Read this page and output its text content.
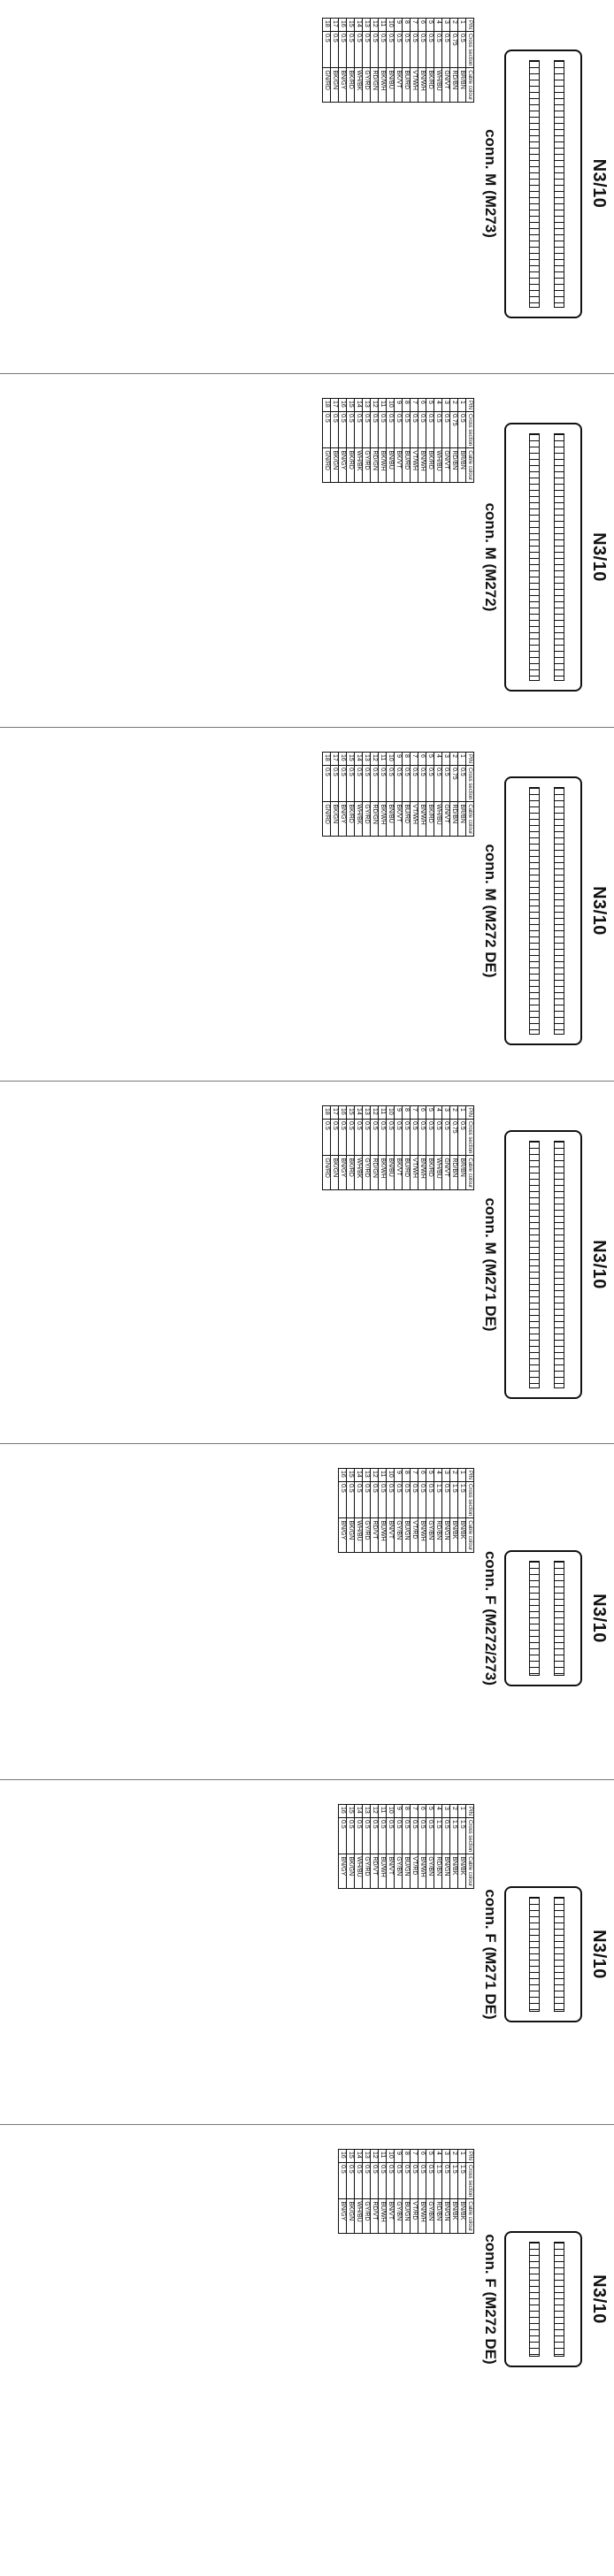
N3/10
conn. M (M273)
PIN	Cross section	Cable colour
1	0.5	BR/BN
2	0.75	RD/BN
3	0.5	GN/VT
4	0.5	WH/BU
5	0.5	BK/RD
6	0.5	BN/WH
7	0.5	VT/WH
8	0.5	BU/RD
9	0.5	BK/VT
10	0.5	BN/BU
11	0.5	BK/WH
12	0.5	RD/GN
13	0.5	GY/RD
14	0.5	WH/BK
15	0.5	BK/RD
16	0.5	BN/GY
17	0.5	BK/GN
18	0.5	GN/RD
N3/10
conn. M (M272)
PIN	Cross section	Cable colour
1	0.5	BR/BN
2	0.75	RD/BN
3	0.5	GN/VT
4	0.5	WH/BU
5	0.5	BK/RD
6	0.5	BN/WH
7	0.5	VT/WH
8	0.5	BU/RD
9	0.5	BK/VT
10	0.5	BN/BU
11	0.5	BK/WH
12	0.5	RD/GN
13	0.5	GY/RD
14	0.5	WH/BK
15	0.5	BK/RD
16	0.5	BN/GY
17	0.5	BK/GN
18	0.5	GN/RD
N3/10
conn. M (M272 DE)
PIN	Cross section	Cable colour
1	0.5	BR/BN
2	0.75	RD/BN
3	0.5	GN/VT
4	0.5	WH/BU
5	0.5	BK/RD
6	0.5	BN/WH
7	0.5	VT/WH
8	0.5	BU/RD
9	0.5	BK/VT
10	0.5	BN/BU
11	0.5	BK/WH
12	0.5	RD/GN
13	0.5	GY/RD
14	0.5	WH/BK
15	0.5	BK/RD
16	0.5	BN/GY
17	0.5	BK/GN
18	0.5	GN/RD
N3/10
conn. M (M271 DE)
PIN	Cross section	Cable colour
1	0.5	BR/BN
2	0.75	RD/BN
3	0.5	GN/VT
4	0.5	WH/BU
5	0.5	BK/RD
6	0.5	BN/WH
7	0.5	VT/WH
8	0.5	BU/RD
9	0.5	BK/VT
10	0.5	BN/BU
11	0.5	BK/WH
12	0.5	RD/GN
13	0.5	GY/RD
14	0.5	WH/BK
15	0.5	BK/RD
16	0.5	BN/GY
17	0.5	BK/GN
18	0.5	GN/RD
N3/10
conn. F (M272/273)
PIN	Cross section	Cable colour
1	1.5	BN/BK
2	1.5	BN/BK
3	0.5	BN/GN
4	1.5	RD/BN
5	0.5	GY/BN
6	0.5	BN/WH
7	0.5	VT/RD
8	0.5	BU/GN
9	0.5	GY/BN
10	0.5	BN/VT
11	0.5	BU/WH
12	0.5	RD/VT
13	0.5	GY/RD
14	0.5	WH/BU
15	0.5	BK/GN
16	0.5	BN/GY
N3/10
conn. F (M271 DE)
PIN	Cross section	Cable colour
1	1.5	BN/BK
2	1.5	BN/BK
3	0.5	BN/GN
4	1.5	RD/BN
5	0.5	GY/BN
6	0.5	BN/WH
7	0.5	VT/RD
8	0.5	BU/GN
9	0.5	GY/BN
10	0.5	BN/VT
11	0.5	BU/WH
12	0.5	RD/VT
13	0.5	GY/RD
14	0.5	WH/BU
15	0.5	BK/GN
16	0.5	BN/GY
N3/10
conn. F (M272 DE)
PIN	Cross section	Cable colour
1	1.5	BN/BK
2	1.5	BN/BK
3	0.5	BN/GN
4	1.5	RD/BN
5	0.5	GY/BN
6	0.5	BN/WH
7	0.5	VT/RD
8	0.5	BU/GN
9	0.5	GY/BN
10	0.5	BN/VT
11	0.5	BU/WH
12	0.5	RD/VT
13	0.5	GY/RD
14	0.5	WH/BU
15	0.5	BK/GN
16	0.5	BN/GY
